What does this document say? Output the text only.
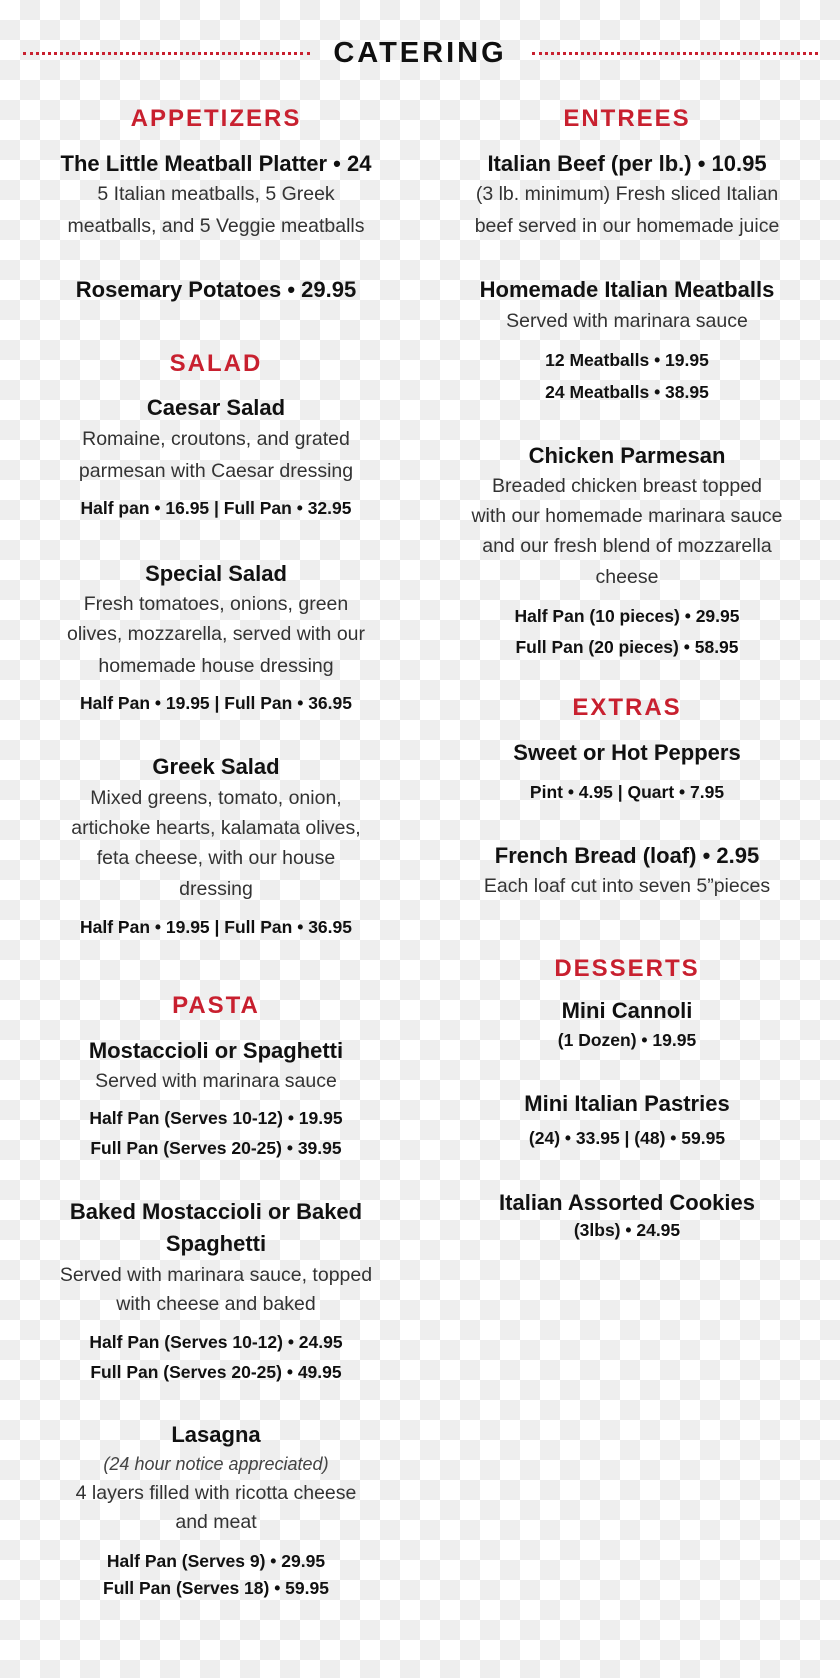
CATERING
APPETIZERS
The Little Meatball Platter • 24
5 Italian meatballs, 5 Greek
meatballs, and 5 Veggie meatballs
Rosemary Potatoes • 29.95
SALAD
Caesar Salad
Romaine, croutons, and grated
parmesan with Caesar dressing
Half pan • 16.95 | Full Pan • 32.95
Special Salad
Fresh tomatoes, onions, green
olives, mozzarella, served with our
homemade house dressing
Half Pan • 19.95 | Full Pan • 36.95
Greek Salad
Mixed greens, tomato, onion,
artichoke hearts, kalamata olives,
feta cheese, with our house
dressing
Half Pan • 19.95 | Full Pan • 36.95
PASTA
Mostaccioli or Spaghetti
Served with marinara sauce
Half Pan (Serves 10-12) • 19.95
Full Pan (Serves 20-25) • 39.95
Baked Mostaccioli or Baked
Spaghetti
Served with marinara sauce, topped
with cheese and baked
Half Pan (Serves 10-12) • 24.95
Full Pan (Serves 20-25) • 49.95
Lasagna
(24 hour notice appreciated)
4 layers filled with ricotta cheese
and meat
Half Pan (Serves 9) • 29.95
Full Pan (Serves 18) • 59.95
ENTREES
Italian Beef (per lb.) • 10.95
(3 lb. minimum) Fresh sliced Italian
beef served in our homemade juice
Homemade Italian Meatballs
Served with marinara sauce
12 Meatballs • 19.95
24 Meatballs • 38.95
Chicken Parmesan
Breaded chicken breast topped
with our homemade marinara sauce
and our fresh blend of mozzarella
cheese
Half Pan (10 pieces) • 29.95
Full Pan (20 pieces) • 58.95
EXTRAS
Sweet or Hot Peppers
Pint • 4.95 | Quart • 7.95
French Bread (loaf) • 2.95
Each loaf cut into seven 5”pieces
DESSERTS
Mini Cannoli
(1 Dozen) • 19.95
Mini Italian Pastries
(24) • 33.95 | (48) • 59.95
Italian Assorted Cookies
(3lbs) • 24.95
